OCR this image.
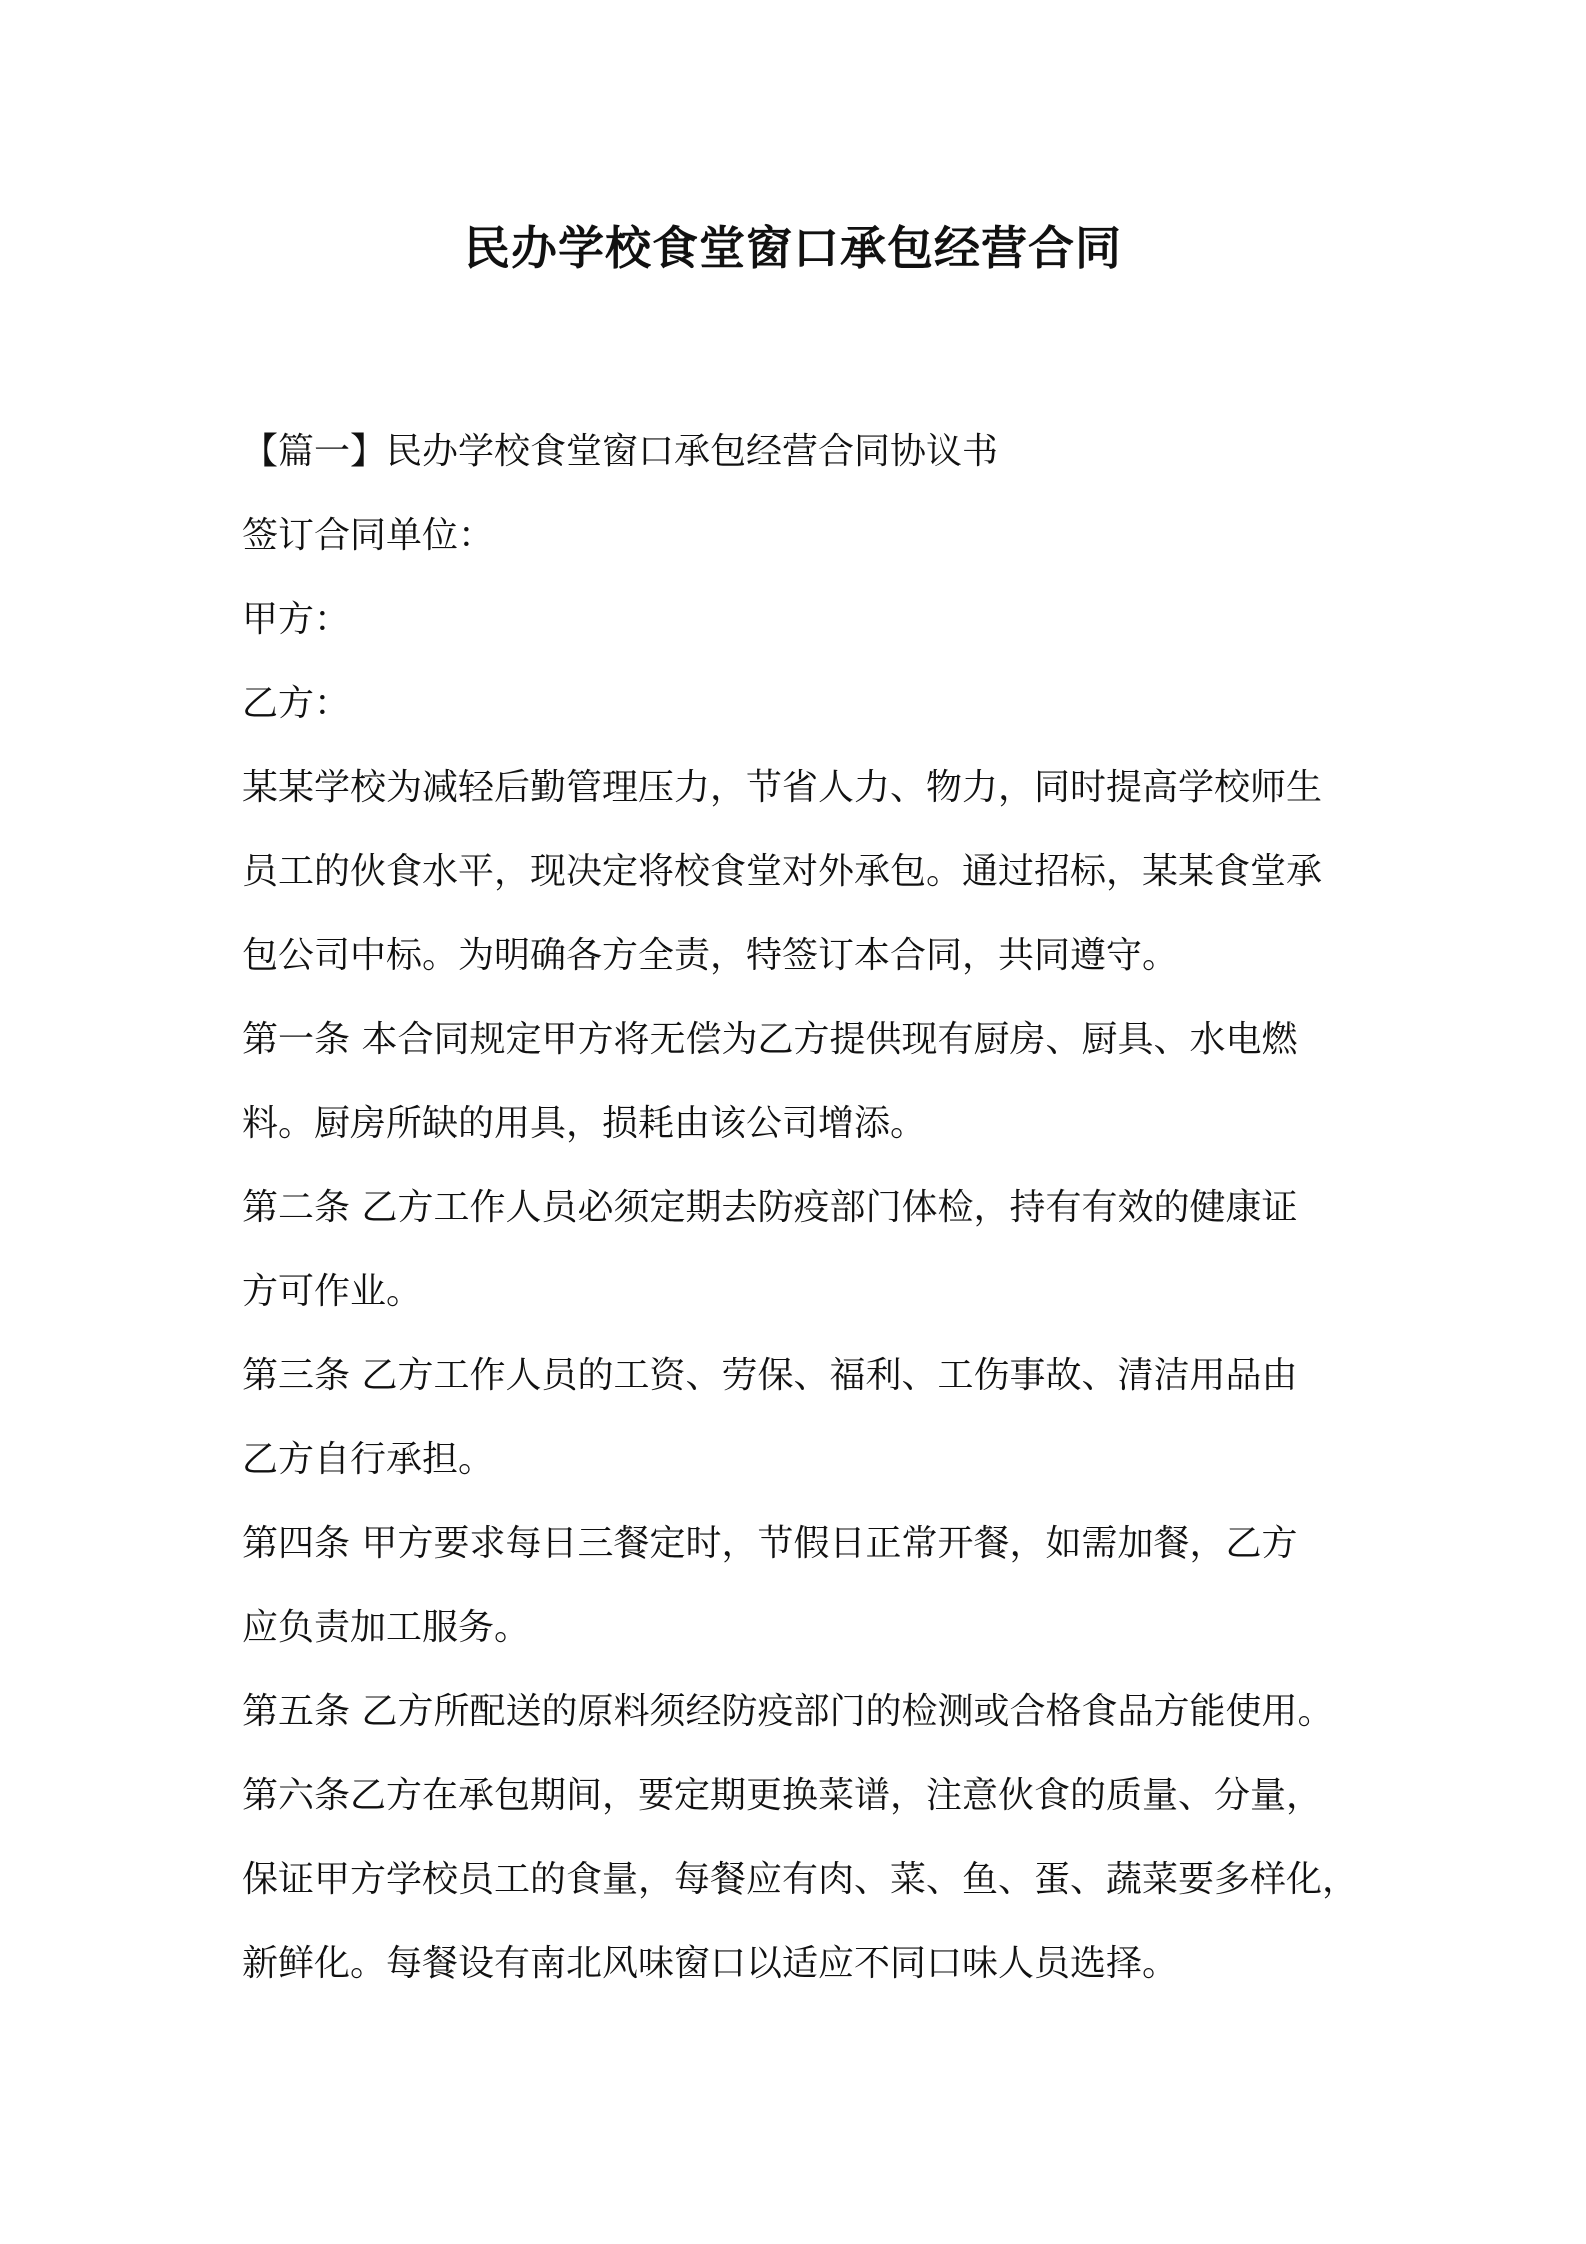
民办学校食堂窗口承包经营合同
【篇一】民办学校食堂窗口承包经营合同协议书
签订合同单位：
甲方：
乙方：
某某学校为减轻后勤管理压力，节省人力、物力，同时提高学校师生
员工的伙食水平，现决定将校食堂对外承包。通过招标，某某食堂承
包公司中标。为明确各方全责，特签订本合同，共同遵守。
第一条 本合同规定甲方将无偿为乙方提供现有厨房、厨具、水电燃
料。厨房所缺的用具，损耗由该公司增添。
第二条 乙方工作人员必须定期去防疫部门体检，持有有效的健康证
方可作业。
第三条 乙方工作人员的工资、劳保、福利、工伤事故、清洁用品由
乙方自行承担。
第四条 甲方要求每日三餐定时，节假日正常开餐，如需加餐，乙方
应负责加工服务。
第五条 乙方所配送的原料须经防疫部门的检测或合格食品方能使用。
第六条乙方在承包期间，要定期更换菜谱，注意伙食的质量、分量，
保证甲方学校员工的食量，每餐应有肉、菜、鱼、蛋、蔬菜要多样化，
新鲜化。每餐设有南北风味窗口以适应不同口味人员选择。
